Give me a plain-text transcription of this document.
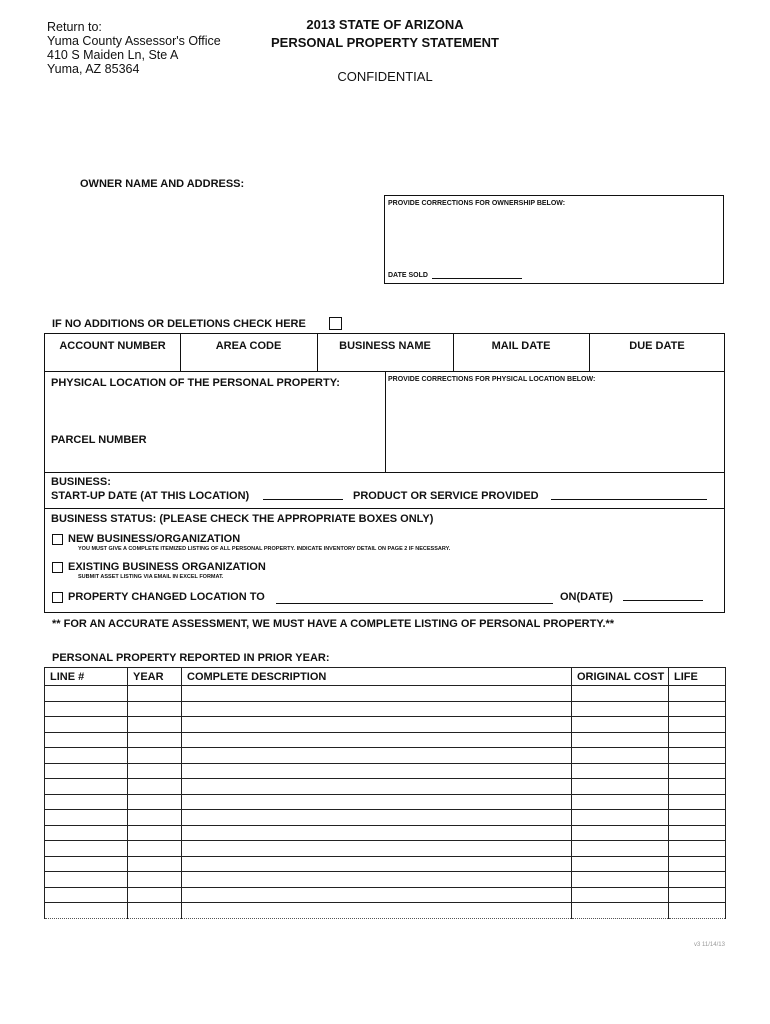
Return to:
Yuma County Assessor's Office
410 S Maiden Ln, Ste A
Yuma, AZ 85364
2013 STATE OF ARIZONA
PERSONAL PROPERTY STATEMENT
CONFIDENTIAL
OWNER NAME AND ADDRESS:
PROVIDE CORRECTIONS FOR OWNERSHIP BELOW:
DATE SOLD
IF NO ADDITIONS OR DELETIONS CHECK HERE
ACCOUNT NUMBER	AREA CODE	BUSINESS NAME	MAIL DATE	DUE DATE
PHYSICAL LOCATION OF THE PERSONAL PROPERTY:	PROVIDE CORRECTIONS FOR PHYSICAL LOCATION BELOW:
PARCEL NUMBER
BUSINESS:
START-UP DATE (AT THIS LOCATION)	PRODUCT OR SERVICE PROVIDED
BUSINESS STATUS: (PLEASE CHECK THE APPROPRIATE BOXES ONLY)
NEW BUSINESS/ORGANIZATION
YOU MUST GIVE A COMPLETE ITEMIZED LISTING OF ALL PERSONAL PROPERTY. INDICATE INVENTORY DETAIL ON PAGE 2 IF NECESSARY.
EXISTING BUSINESS ORGANIZATION
SUBMIT ASSET LISTING VIA EMAIL IN EXCEL FORMAT.
PROPERTY CHANGED LOCATION TO	ON(DATE)
** FOR AN ACCURATE ASSESSMENT, WE MUST HAVE A COMPLETE LISTING OF PERSONAL PROPERTY.**
PERSONAL PROPERTY REPORTED IN PRIOR YEAR:
LINE #	YEAR	COMPLETE DESCRIPTION	ORIGINAL COST	LIFE

v3 11/14/13
